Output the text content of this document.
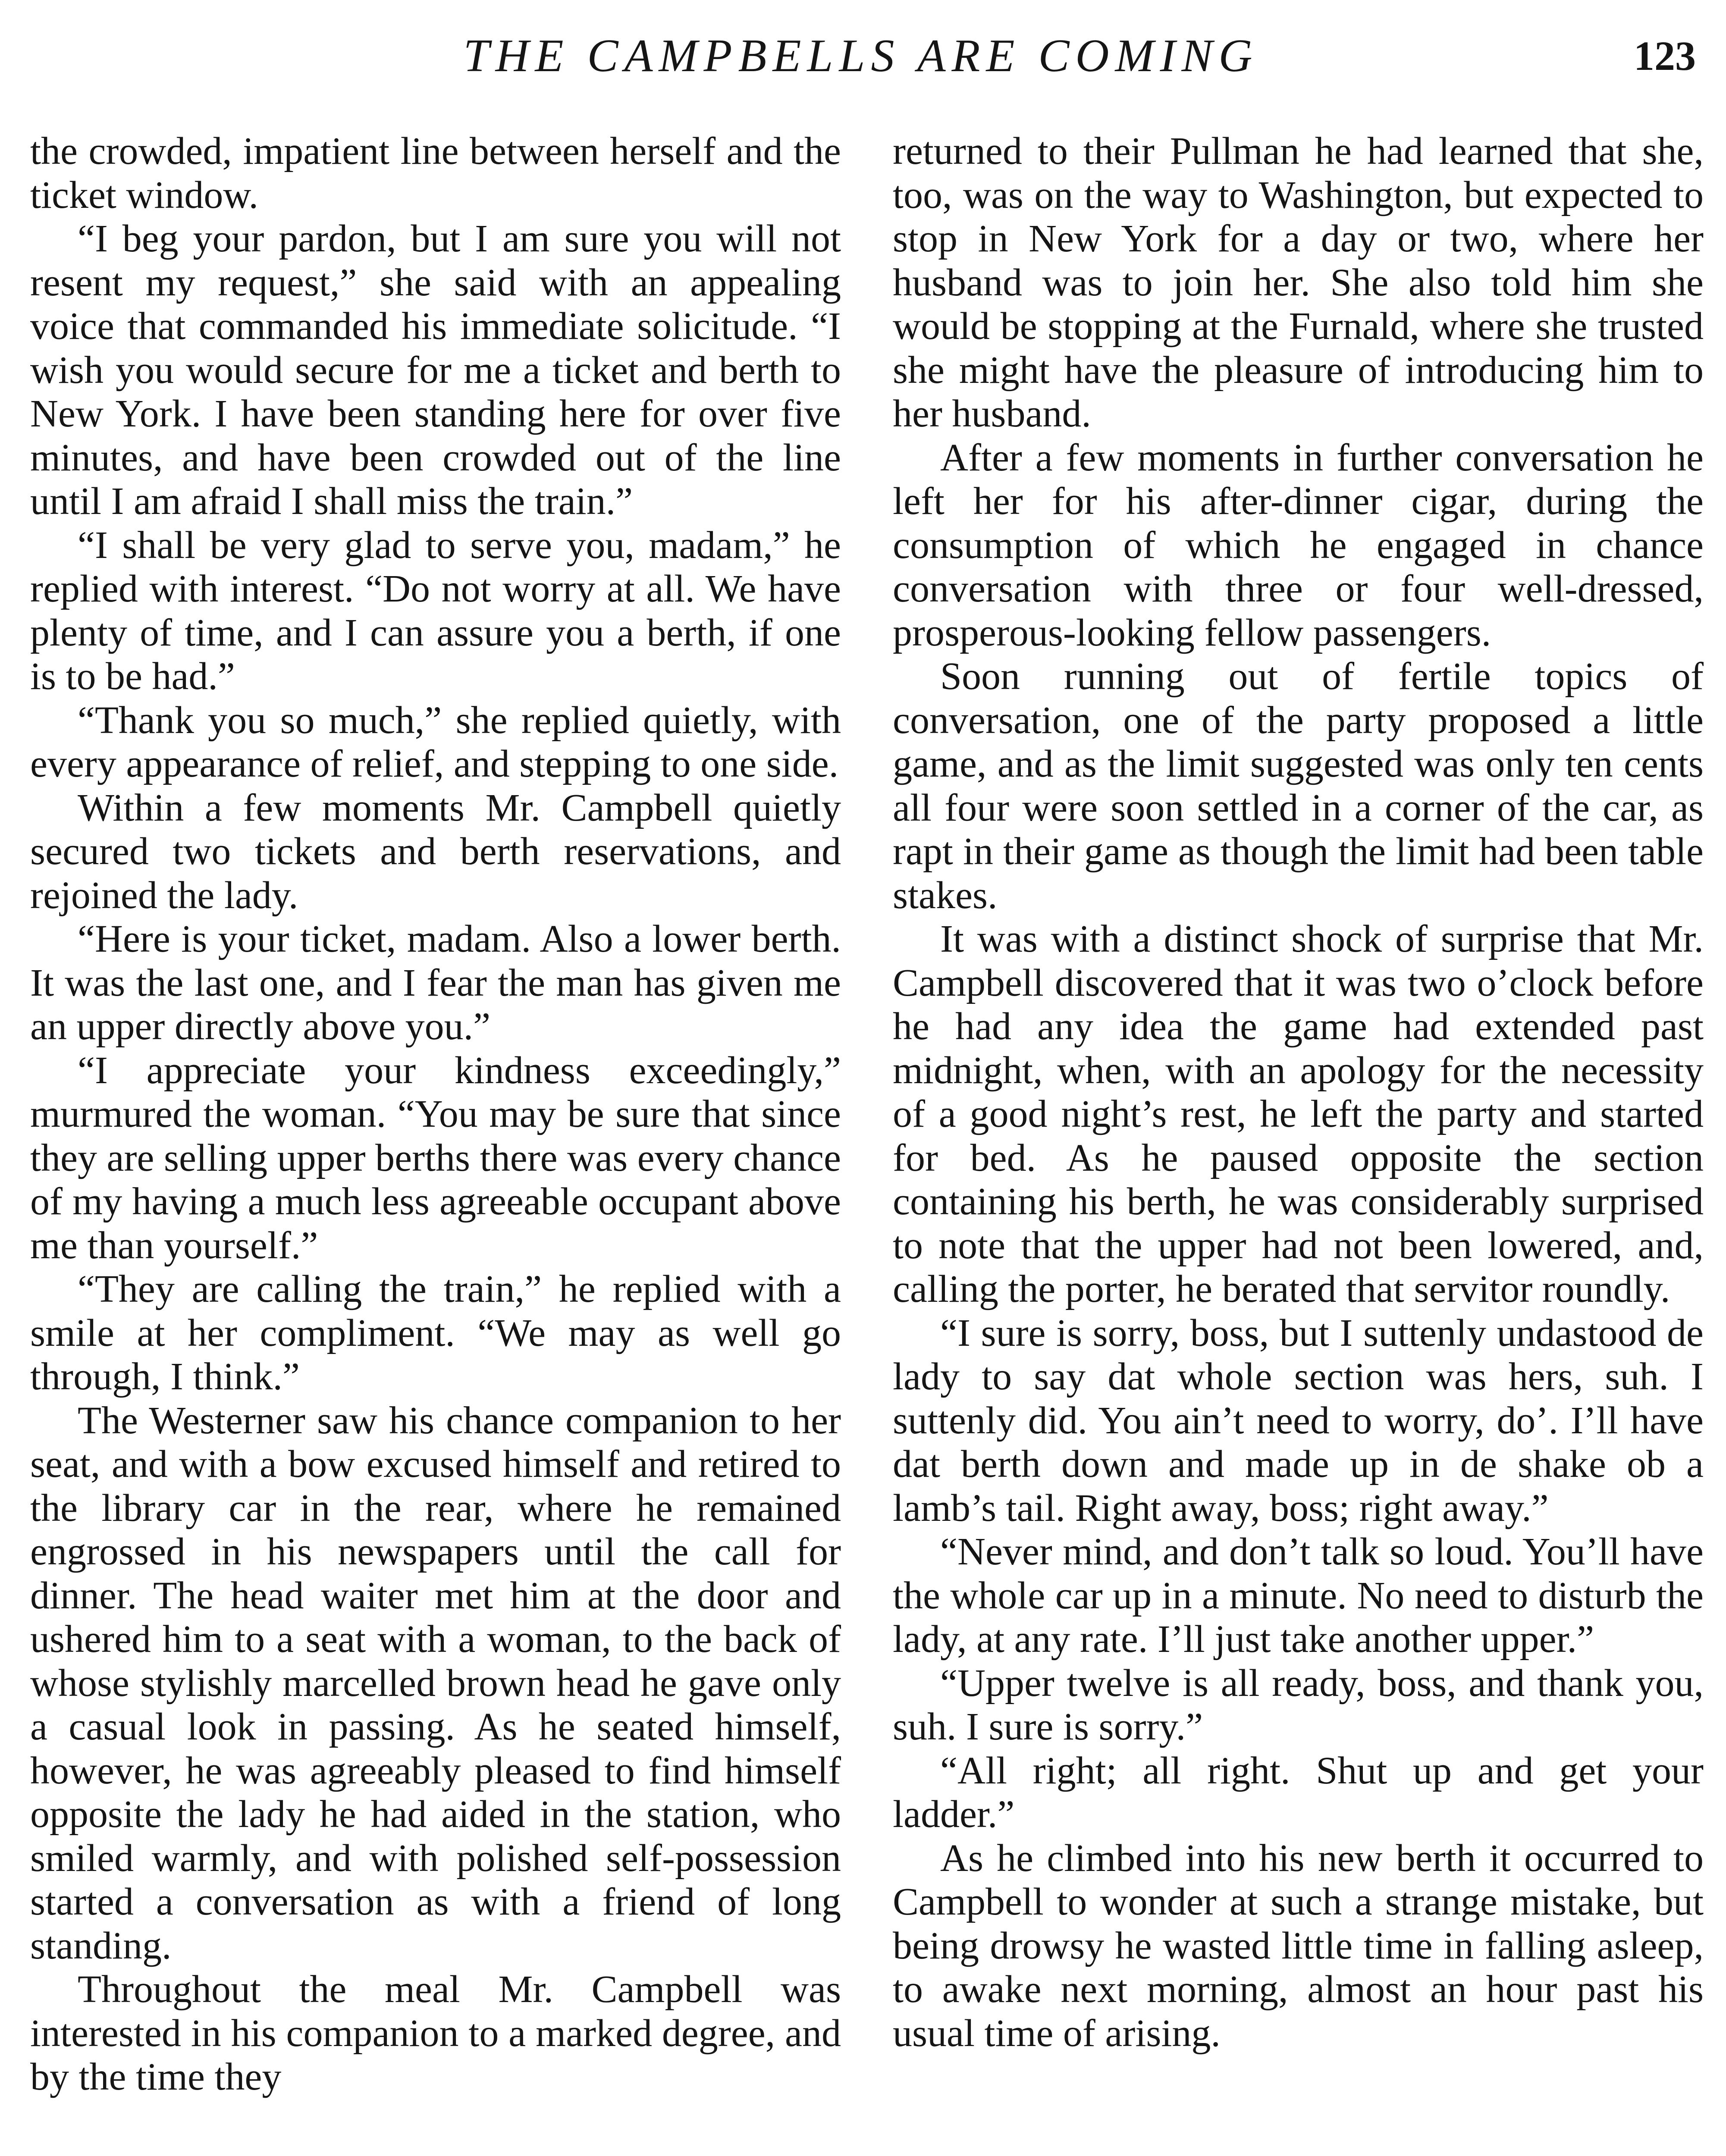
THE CAMPBELLS ARE COMING	123

the crowded, impatient line between herself and the ticket window.

“I beg your pardon, but I am sure you will not resent my request,” she said with an appealing voice that commanded his immediate solicitude. “I wish you would secure for me a ticket and berth to New York. I have been standing here for over five minutes, and have been crowded out of the line until I am afraid I shall miss the train.”

“I shall be very glad to serve you, madam,” he replied with interest. “Do not worry at all. We have plenty of time, and I can assure you a berth, if one is to be had.”

“Thank you so much,” she replied quietly, with every appearance of relief, and stepping to one side.

Within a few moments Mr. Campbell quietly secured two tickets and berth reservations, and rejoined the lady.

“Here is your ticket, madam. Also a lower berth. It was the last one, and I fear the man has given me an upper directly above you.”

“I appreciate your kindness exceedingly,” murmured the woman. “You may be sure that since they are selling upper berths there was every chance of my having a much less agreeable occupant above me than yourself.”

“They are calling the train,” he replied with a smile at her compliment. “We may as well go through, I think.”

The Westerner saw his chance companion to her seat, and with a bow excused himself and retired to the library car in the rear, where he remained engrossed in his newspapers until the call for dinner. The head waiter met him at the door and ushered him to a seat with a woman, to the back of whose stylishly marcelled brown head he gave only a casual look in passing. As he seated himself, however, he was agreeably pleased to find himself opposite the lady he had aided in the station, who smiled warmly, and with polished self-possession started a conversation as with a friend of long standing.

Throughout the meal Mr. Campbell was interested in his companion to a marked degree, and by the time they

returned to their Pullman he had learned that she, too, was on the way to Washington, but expected to stop in New York for a day or two, where her husband was to join her. She also told him she would be stopping at the Furnald, where she trusted she might have the pleasure of introducing him to her husband.

After a few moments in further conversation he left her for his after-dinner cigar, during the consumption of which he engaged in chance conversation with three or four well-dressed, prosperous-looking fellow passengers.

Soon running out of fertile topics of conversation, one of the party proposed a little game, and as the limit suggested was only ten cents all four were soon settled in a corner of the car, as rapt in their game as though the limit had been table stakes.

It was with a distinct shock of surprise that Mr. Campbell discovered that it was two o’clock before he had any idea the game had extended past midnight, when, with an apology for the necessity of a good night’s rest, he left the party and started for bed. As he paused opposite the section containing his berth, he was considerably surprised to note that the upper had not been lowered, and, calling the porter, he berated that servitor roundly.

“I sure is sorry, boss, but I suttenly undastood de lady to say dat whole section was hers, suh. I suttenly did. You ain’t need to worry, do’. I’ll have dat berth down and made up in de shake ob a lamb’s tail. Right away, boss; right away.”

“Never mind, and don’t talk so loud. You’ll have the whole car up in a minute. No need to disturb the lady, at any rate. I’ll just take another upper.”

“Upper twelve is all ready, boss, and thank you, suh. I sure is sorry.”

“All right; all right. Shut up and get your ladder.”

As he climbed into his new berth it occurred to Campbell to wonder at such a strange mistake, but being drowsy he wasted little time in falling asleep, to awake next morning, almost an hour past his usual time of arising.
